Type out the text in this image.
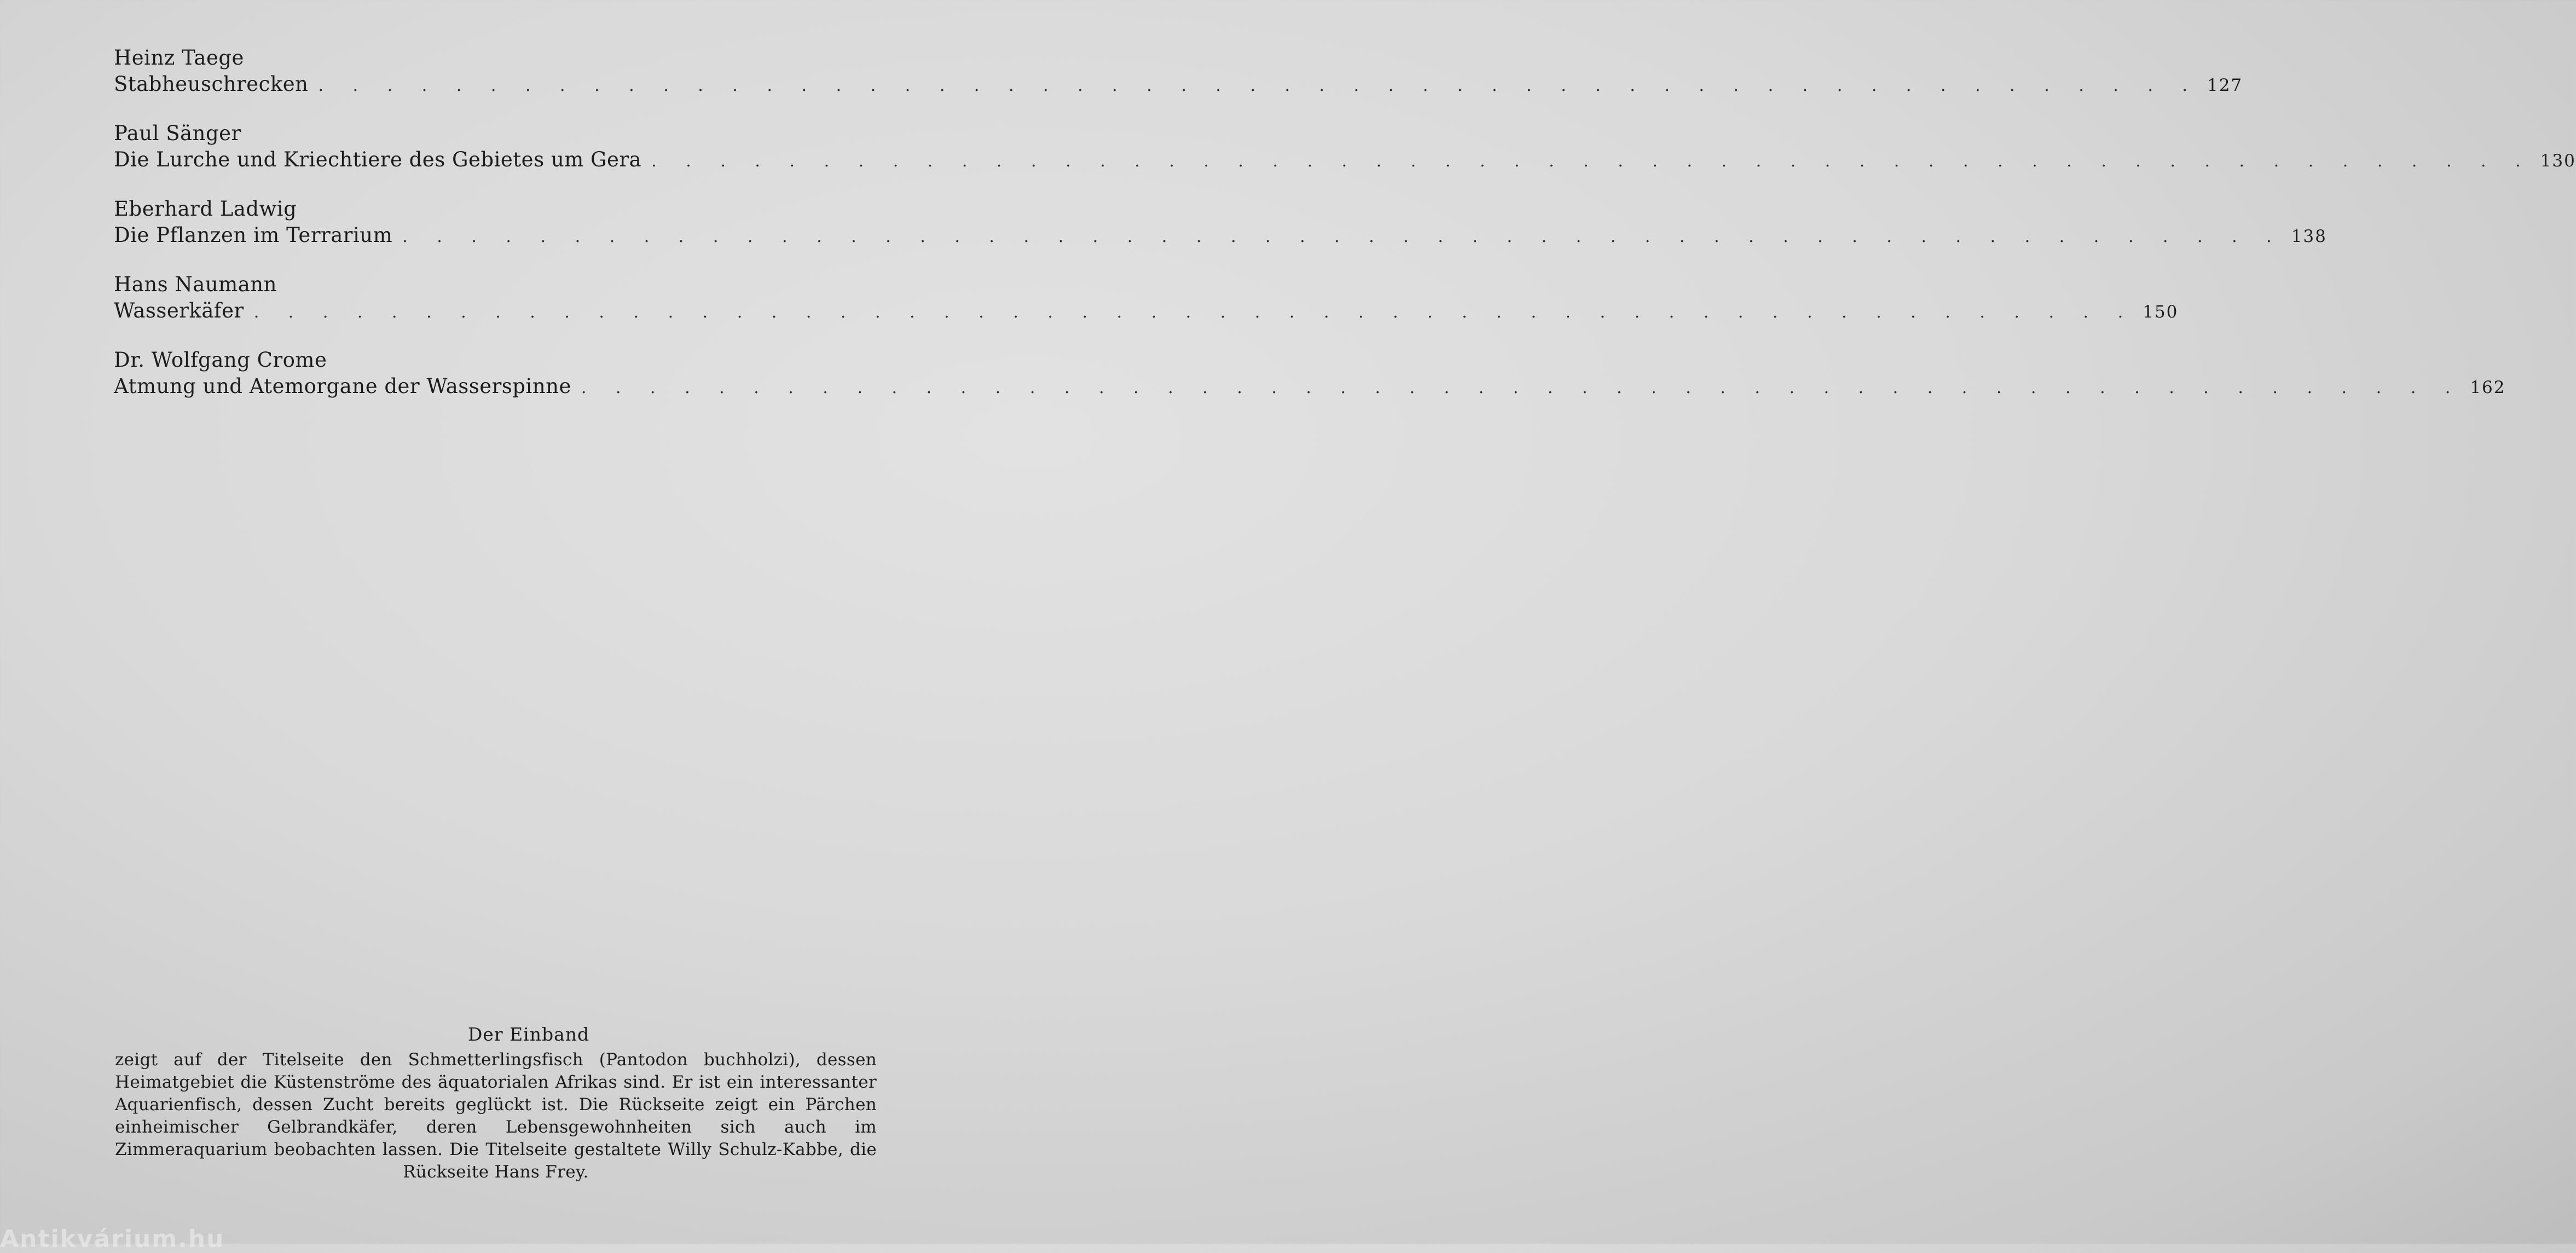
Heinz Taege
Stabheuschrecken . . . . . . . . . . . . . . . . . . . . . . . . . . . . . . . . . . . . . . . . . . . . . . . . . . . . . . . 127
Paul Sänger
Die Lurche und Kriechtiere des Gebietes um Gera . . . . . . . . . . . . . . . . . . . . . . . . . . . . . . . . . . . . . . . . . . . . . . . . . . . . . . . 130
Eberhard Ladwig
Die Pflanzen im Terrarium . . . . . . . . . . . . . . . . . . . . . . . . . . . . . . . . . . . . . . . . . . . . . . . . . . . . . . . 138
Hans Naumann
Wasserkäfer . . . . . . . . . . . . . . . . . . . . . . . . . . . . . . . . . . . . . . . . . . . . . . . . . . . . . . . 150
Dr. Wolfgang Crome
Atmung und Atemorgane der Wasserspinne . . . . . . . . . . . . . . . . . . . . . . . . . . . . . . . . . . . . . . . . . . . . . . . . . . . . . . . 162
Der Einband
zeigt auf der Titelseite den Schmetterlingsfisch (Pantodon buchholzi), dessen Heimatgebiet die Küstenströme des äquatorialen Afrikas sind. Er ist ein interessanter Aquarienfisch, dessen Zucht bereits geglückt ist. Die Rückseite zeigt ein Pärchen einheimischer Gelbrandkäfer, deren Lebensgewohnheiten sich auch im Zimmeraquarium beobachten lassen. Die Titelseite gestaltete Willy Schulz-Kabbe, die Rückseite Hans Frey.
Antikvárium.hu
